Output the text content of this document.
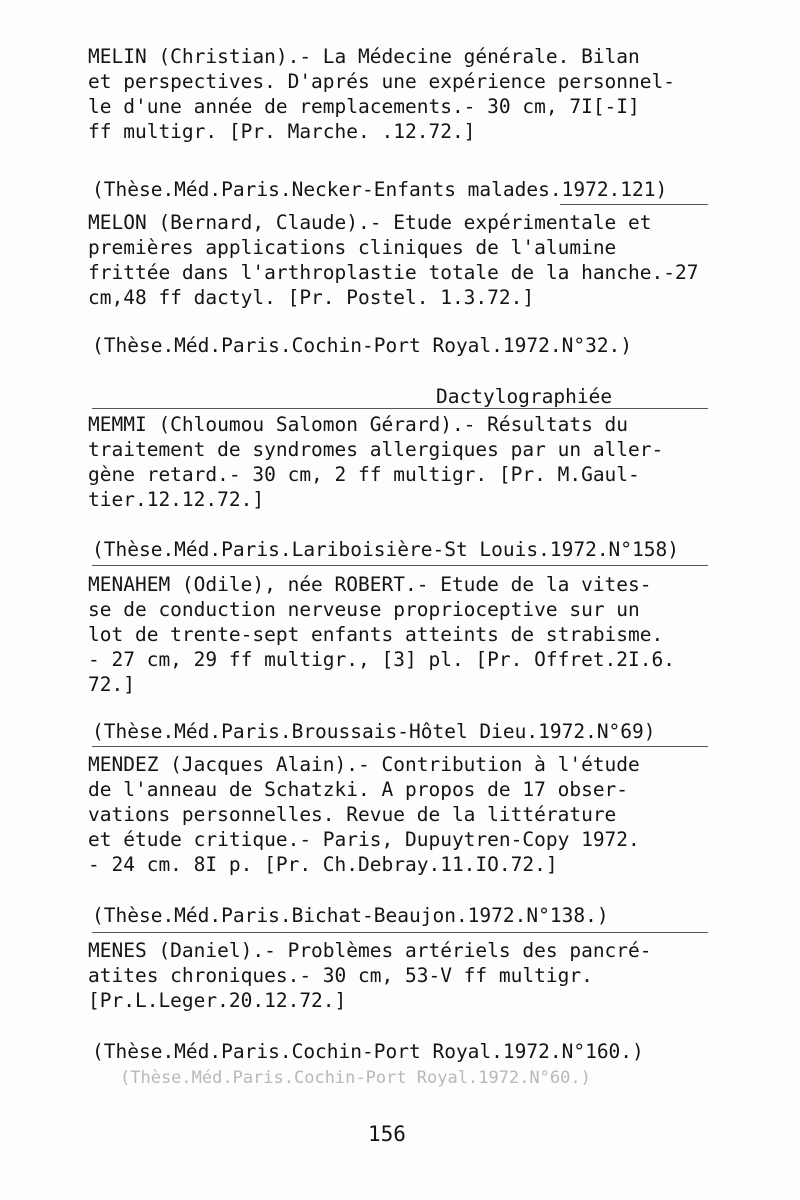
MELIN (Christian).- La Médecine générale. Bilan
et perspectives. D'aprés une expérience personnel-
le d'une année de remplacements.- 30 cm, 7I[-I]
ff multigr. [Pr. Marche. .12.72.]
(Thèse.Méd.Paris.Necker-Enfants malades.1972.121)
MELON (Bernard, Claude).- Etude expérimentale et
premières applications cliniques de l'alumine
frittée dans l'arthroplastie totale de la hanche.-27
cm,48 ff dactyl. [Pr. Postel. 1.3.72.]
(Thèse.Méd.Paris.Cochin-Port Royal.1972.N°32.)
Dactylographiée
MEMMI (Chloumou Salomon Gérard).- Résultats du
traitement de syndromes allergiques par un aller-
gène retard.- 30 cm, 2 ff multigr. [Pr. M.Gaul-
tier.12.12.72.]
(Thèse.Méd.Paris.Lariboisière-St Louis.1972.N°158)
MENAHEM (Odile), née ROBERT.- Etude de la vites-
se de conduction nerveuse proprioceptive sur un
lot de trente-sept enfants atteints de strabisme.
- 27 cm, 29 ff multigr., [3] pl. [Pr. Offret.2I.6.
72.]
(Thèse.Méd.Paris.Broussais-Hôtel Dieu.1972.N°69)
MENDEZ (Jacques Alain).- Contribution à l'étude
de l'anneau de Schatzki. A propos de 17 obser-
vations personnelles. Revue de la littérature
et étude critique.- Paris, Dupuytren-Copy 1972.
- 24 cm. 8I p. [Pr. Ch.Debray.11.IO.72.]
(Thèse.Méd.Paris.Bichat-Beaujon.1972.N°138.)
MENES (Daniel).- Problèmes artériels des pancré-
atites chroniques.- 30 cm, 53-V ff multigr.
[Pr.L.Leger.20.12.72.]
(Thèse.Méd.Paris.Cochin-Port Royal.1972.N°160.)
(Thèse.Méd.Paris.Cochin-Port Royal.1972.N°60.)
156
